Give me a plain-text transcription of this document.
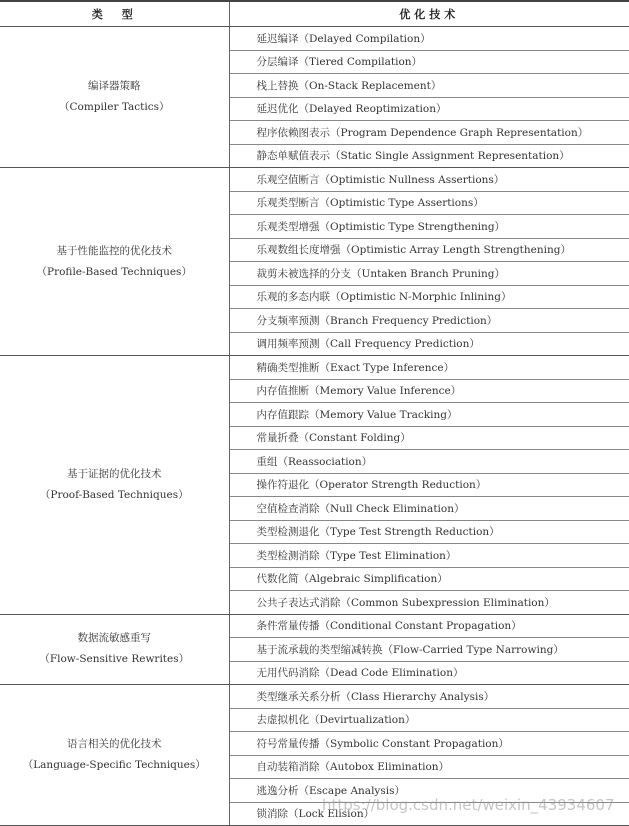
类　型	优化技术

编译器策略
（Compiler Tactics）	延迟编译（Delayed Compilation）
	分层编译（Tiered Compilation）
	栈上替换（On-Stack Replacement）
	延迟优化（Delayed Reoptimization）
	程序依赖图表示（Program Dependence Graph Representation）
	静态单赋值表示（Static Single Assignment Representation）

基于性能监控的优化技术
（Profile-Based Techniques）	乐观空值断言（Optimistic Nullness Assertions）
	乐观类型断言（Optimistic Type Assertions）
	乐观类型增强（Optimistic Type Strengthening）
	乐观数组长度增强（Optimistic Array Length Strengthening）
	裁剪未被选择的分支（Untaken Branch Pruning）
	乐观的多态内联（Optimistic N-Morphic Inlining）
	分支频率预测（Branch Frequency Prediction）
	调用频率预测（Call Frequency Prediction）

基于证据的优化技术
（Proof-Based Techniques）	精确类型推断（Exact Type Inference）
	内存值推断（Memory Value Inference）
	内存值跟踪（Memory Value Tracking）
	常量折叠（Constant Folding）
	重组（Reassociation）
	操作符退化（Operator Strength Reduction）
	空值检查消除（Null Check Elimination）
	类型检测退化（Type Test Strength Reduction）
	类型检测消除（Type Test Elimination）
	代数化简（Algebraic Simplification）
	公共子表达式消除（Common Subexpression Elimination）

数据流敏感重写
（Flow-Sensitive Rewrites）	条件常量传播（Conditional Constant Propagation）
	基于流承载的类型缩减转换（Flow-Carried Type Narrowing）
	无用代码消除（Dead Code Elimination）

语言相关的优化技术
（Language-Specific Techniques）	类型继承关系分析（Class Hierarchy Analysis）
	去虚拟机化（Devirtualization）
	符号常量传播（Symbolic Constant Propagation）
	自动装箱消除（Autobox Elimination）
	逃逸分析（Escape Analysis）
	锁消除（Lock Elision）
https://blog.csdn.net/weixin_43934607
